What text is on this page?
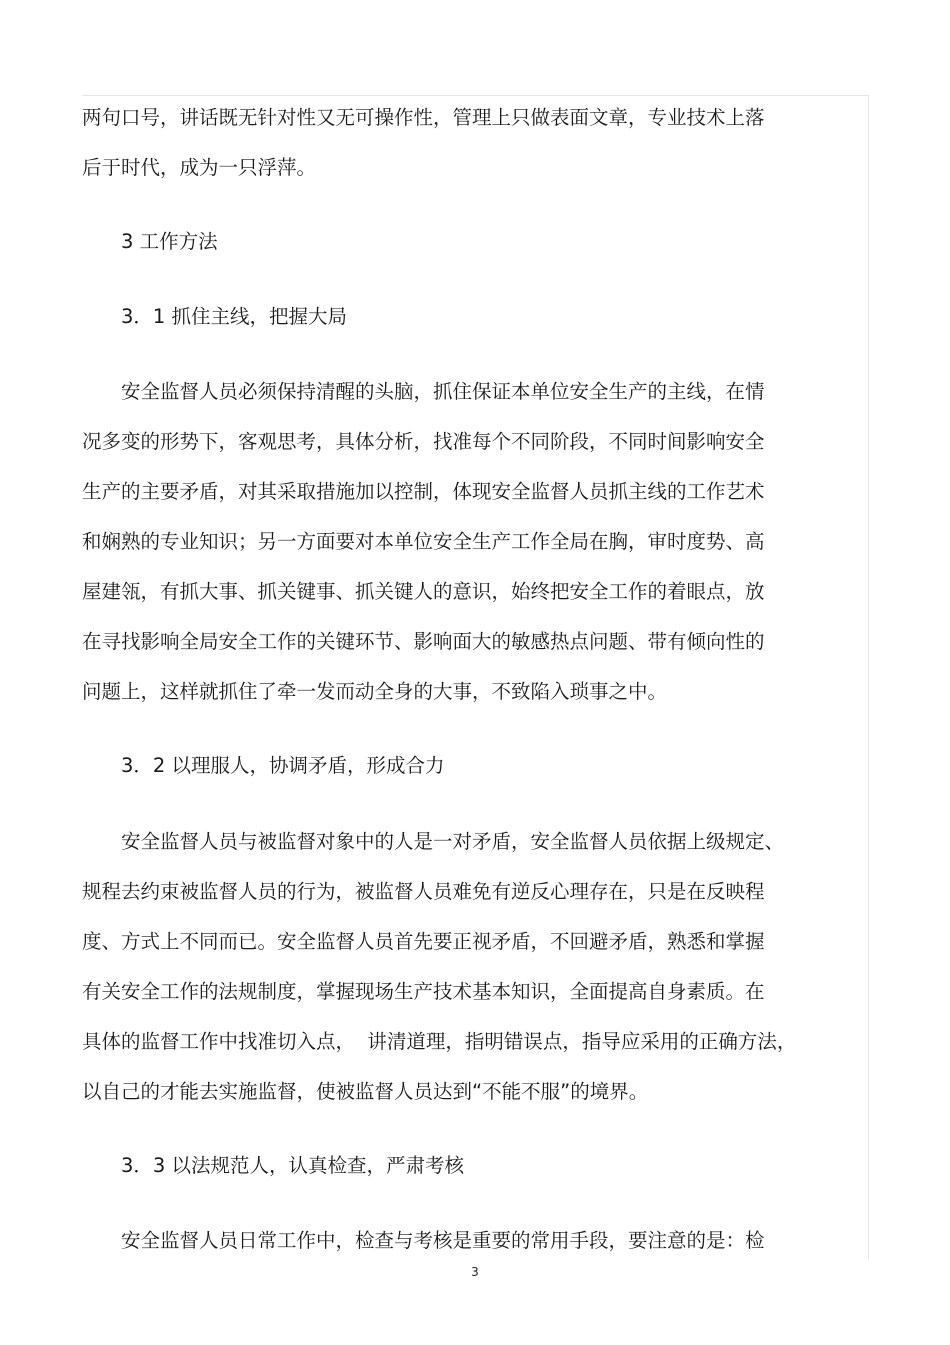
两句口号，讲话既无针对性又无可操作性，管理上只做表面文章，专业技术上落
后于时代，成为一只浮萍。
3 工作方法
3．1 抓住主线，把握大局
安全监督人员必须保持清醒的头脑，抓住保证本单位安全生产的主线，在情
况多变的形势下，客观思考，具体分析，找准每个不同阶段，不同时间影响安全
生产的主要矛盾，对其采取措施加以控制，体现安全监督人员抓主线的工作艺术
和娴熟的专业知识；另一方面要对本单位安全生产工作全局在胸，审时度势、高
屋建瓴，有抓大事、抓关键事、抓关键人的意识，始终把安全工作的着眼点，放
在寻找影响全局安全工作的关键环节、影响面大的敏感热点问题、带有倾向性的
问题上，这样就抓住了牵一发而动全身的大事，不致陷入琐事之中。
3．2 以理服人，协调矛盾，形成合力
安全监督人员与被监督对象中的人是一对矛盾，安全监督人员依据上级规定、
规程去约束被监督人员的行为，被监督人员难免有逆反心理存在，只是在反映程
度、方式上不同而已。安全监督人员首先要正视矛盾，不回避矛盾，熟悉和掌握
有关安全工作的法规制度，掌握现场生产技术基本知识，全面提高自身素质。在
具体的监督工作中找准切入点，  讲清道理，指明错误点，指导应采用的正确方法，
以自己的才能去实施监督，使被监督人员达到“不能不服”的境界。
3．3 以法规范人，认真检查，严肃考核
安全监督人员日常工作中，检查与考核是重要的常用手段，要注意的是：检
3
